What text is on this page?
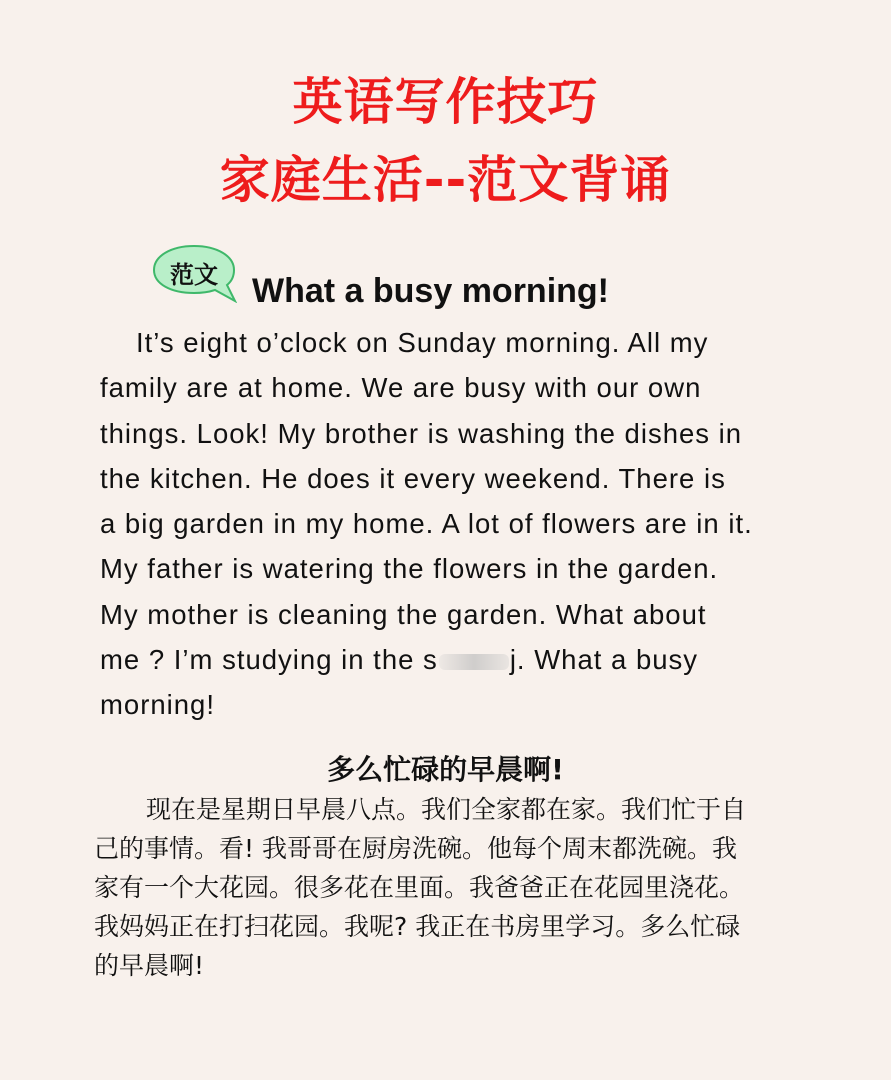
英语写作技巧
家庭生活--范文背诵
范文	What a busy morning!
It’s eight o’clock on Sunday morning. All my
family are at home. We are busy with our own
things. Look! My brother is washing the dishes in
the kitchen. He does it every weekend. There is
a big garden in my home. A lot of flowers are in it.
My father is watering the flowers in the garden.
My mother is cleaning the garden. What about
me ? I’m studying in the s	j. What a busy
morning!
多么忙碌的早晨啊!
现在是星期日早晨八点。我们全家都在家。我们忙于自
己的事情。看! 我哥哥在厨房洗碗。他每个周末都洗碗。我
家有一个大花园。很多花在里面。我爸爸正在花园里浇花。
我妈妈正在打扫花园。我呢? 我正在书房里学习。多么忙碌
的早晨啊!
